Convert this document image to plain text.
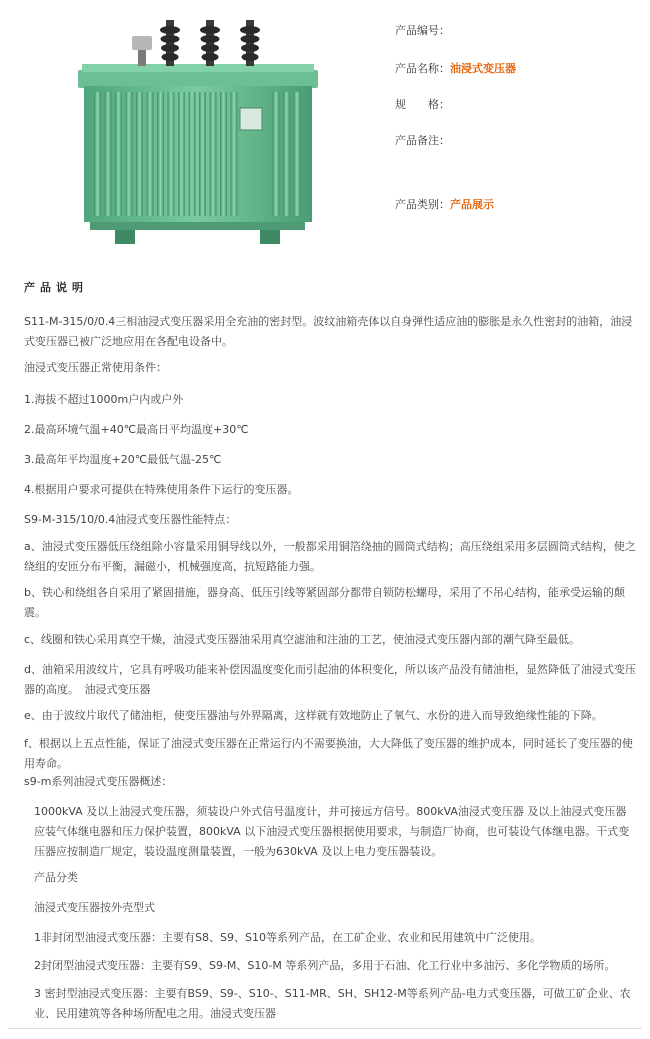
产品编号：
产品名称：油浸式变压器
规　　格：
产品备注：
产品类别：产品展示
产品说明
S11-M-315/0/0.4三相油浸式变压器采用全充油的密封型。波纹油箱壳体以自身弹性适应油的膨胀是永久性密封的油箱，油浸式变压器已被广泛地应用在各配电设备中。
油浸式变压器正常使用条件：
1.海拔不超过1000m户内或户外
2.最高环境气温+40℃最高日平均温度+30℃
3.最高年平均温度+20℃最低气温-25℃
4.根据用户要求可提供在特殊使用条件下运行的变压器。
S9-M-315/10/0.4油浸式变压器性能特点：
a、油浸式变压器低压绕组除小容量采用铜导线以外，一般都采用铜箔绕抽的圆筒式结构；高压绕组采用多层圆筒式结构，使之绕组的安匝分布平衡，漏磁小，机械强度高，抗短路能力强。
b、铁心和绕组各自采用了紧固措施，器身高、低压引线等紧固部分都带自锁防松螺母，采用了不吊心结构，能承受运输的颠震。
c、线圈和铁心采用真空干燥，油浸式变压器油采用真空滤油和注油的工艺，使油浸式变压器内部的潮气降至最低。
d、油箱采用波纹片，它具有呼吸功能来补偿因温度变化而引起油的体积变化，所以该产品没有储油柜，显然降低了油浸式变压器的高度。　油浸式变压器
e、由于波纹片取代了储油柜，使变压器油与外界隔离，这样就有效地防止了氧气、水份的进入而导致绝缘性能的下降。
f、根据以上五点性能，保证了油浸式变压器在正常运行内不需要换油，大大降低了变压器的维护成本，同时延长了变压器的使用寿命。
s9-m系列油浸式变压器概述：
1000kVA 及以上油浸式变压器，须装设户外式信号温度计，并可接远方信号。800kVA油浸式变压器 及以上油浸式变压器应装气体继电器和压力保护装置，800kVA 以下油浸式变压器根据使用要求，与制造厂协商，也可装设气体继电器。干式变压器应按制造厂规定，装设温度测量装置，一般为630kVA 及以上电力变压器装设。
产品分类
油浸式变压器按外壳型式
1非封闭型油浸式变压器：主要有S8、S9、S10等系列产品，在工矿企业、农业和民用建筑中广泛使用。
2封闭型油浸式变压器：主要有S9、S9-M、S10-M 等系列产品，多用于石油、化工行业中多油污、多化学物质的场所。
3 密封型油浸式变压器：主要有BS9、S9-、S10-、S11-MR、SH、SH12-M等系列产品-电力式变压器，可做工矿企业、农业、民用建筑等各种场所配电之用。油浸式变压器
